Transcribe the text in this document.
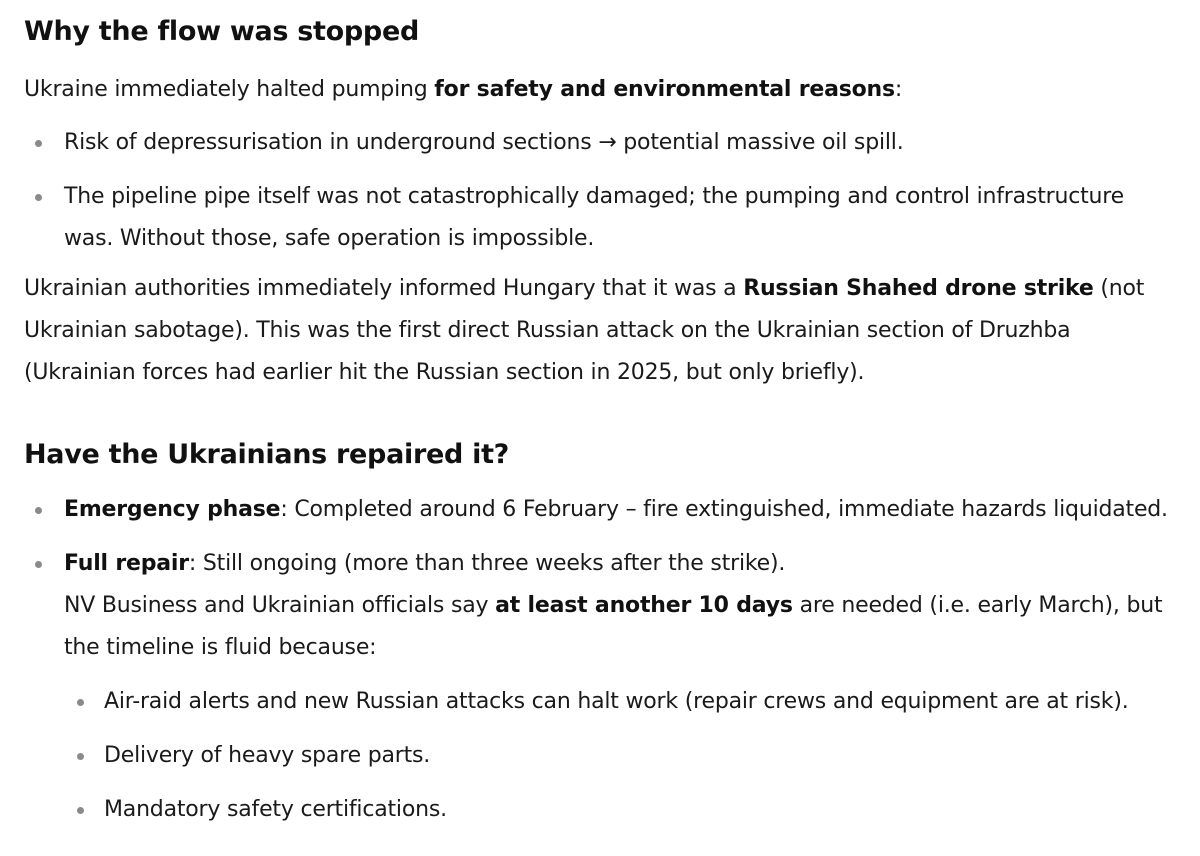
Why the flow was stopped

Ukraine immediately halted pumping for safety and environmental reasons:

Risk of depressurisation in underground sections → potential massive oil spill.
The pipeline pipe itself was not catastrophically damaged; the pumping and control infrastructure was. Without those, safe operation is impossible.

Ukrainian authorities immediately informed Hungary that it was a Russian Shahed drone strike (not Ukrainian sabotage). This was the first direct Russian attack on the Ukrainian section of Druzhba (Ukrainian forces had earlier hit the Russian section in 2025, but only briefly).

Have the Ukrainians repaired it?
Emergency phase: Completed around 6 February – fire extinguished, immediate hazards liquidated.
Full repair: Still ongoing (more than three weeks after the strike).
NV Business and Ukrainian officials say at least another 10 days are needed (i.e. early March), but the timeline is fluid because:
Air-raid alerts and new Russian attacks can halt work (repair crews and equipment are at risk).
Delivery of heavy spare parts.
Mandatory safety certifications.
